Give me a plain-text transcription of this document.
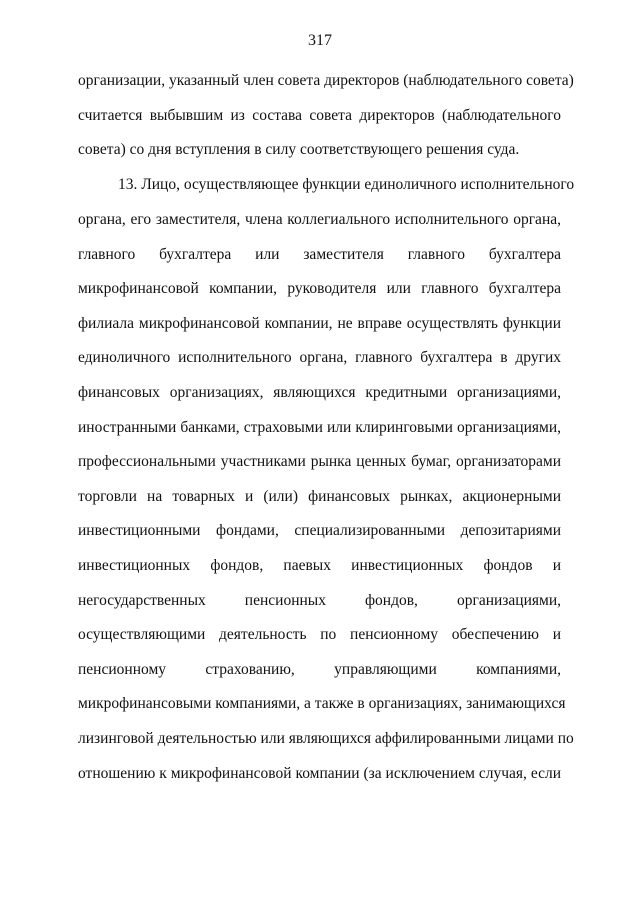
317
организации, указанный член совета директоров (наблюдательного совета)
считается выбывшим из состава совета директоров (наблюдательного
совета) со дня вступления в силу соответствующего решения суда.
13. Лицо, осуществляющее функции единоличного исполнительного
органа, его заместителя, члена коллегиального исполнительного органа,
главного бухгалтера или заместителя главного бухгалтера
микрофинансовой компании, руководителя или главного бухгалтера
филиала микрофинансовой компании, не вправе осуществлять функции
единоличного исполнительного органа, главного бухгалтера в других
финансовых организациях, являющихся кредитными организациями,
иностранными банками, страховыми или клиринговыми организациями,
профессиональными участниками рынка ценных бумаг, организаторами
торговли на товарных и (или) финансовых рынках, акционерными
инвестиционными фондами, специализированными депозитариями
инвестиционных фондов, паевых инвестиционных фондов и
негосударственных пенсионных фондов, организациями,
осуществляющими деятельность по пенсионному обеспечению и
пенсионному страхованию, управляющими компаниями,
микрофинансовыми компаниями, а также в организациях, занимающихся
лизинговой деятельностью или являющихся аффилированными лицами по
отношению к микрофинансовой компании (за исключением случая, если
